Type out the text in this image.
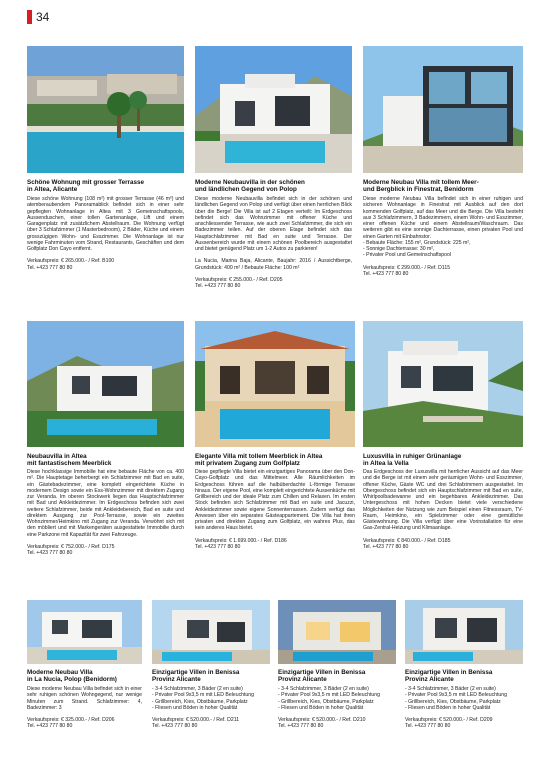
34
Schöne Wohnung mit grosser Terrasse
in Altea, Alicante
Diese schöne Wohnung (108 m²) mit grosser Terrasse (46 m²) und atemberaubendem Panoramablick befindet sich in einer sehr gepflegten Wohnanlage in Altea mit 3 Gemeinschaftspools, Aussenduschen, einer tollen Gartenanlage, Lift und einem Garagenplatz mit zusätzlichem Abstellraum. Die Wohnung verfügt über 3 Schlafzimmer (1 Masterbedroom), 2 Bäder, Küche und einem grosszügigen Wohn- und Esszimmer. Die Wohnanlage ist nur wenige Fahrminuten vom Strand, Restaurants, Geschäften und dem Golfplatz Don Cayo entfernt.
Verkaufspreis: € 265.000.- / Ref. B100
Tel. +423 777 80 80
Moderne Neubauvilla in der schönen
und ländlichen Gegend von Polop
Diese moderne Neubauvilla befindet sich in der schönen und ländlichen Gegend von Polop und verfügt über einen herrlichen Blick über die Berge! Die Villa ist auf 2 Etagen verteilt: Im Erdgeschoss befindet sich das Wohnzimmer mit offener Küche und anschliessender Terrasse, wie auch zwei Schlafzimmer, die sich ein Badezimmer teilen. Auf der oberen Etage befindet sich das Hauptschlafzimmer mit Bad en suite und Terrasse. Der Aussenbereich wurde mit einem schönen Poolbereich ausgestattet und bietet genügend Platz um 1-2 Autos zu parkieren!
La Nucia, Marina Baja, Alicante, Baujahr: 2016 / Aussichtberge, Grundstück: 400 m² / Bebaute Fläche: 100 m²
Verkaufspreis: € 255.000.- / Ref. D205
Tel. +423 777 80 80
Moderne Neubau Villa mit tollem Meer-
und Bergblick in Finestrat, Benidorm
Diese moderne Neubau Villa befindet sich in einer ruhigen und sicheren Wohnanlage in Finestrat mit Ausblick auf den dort kommenden Golfplatz, auf das Meer und die Berge. Die Villa besteht aus 3 Schlafzimmern, 3 Badezimmern, einem Wohn- und Esszimmer, einer offenen Küche und einem Abstellraum/Waschraum. Das weiteren gibt es eine sonnige Dachterrasse, einen privaten Pool und einen Garten mit Einbahnstor.
- Bebaute Fläche: 155 m², Grundstück: 225 m²,
- Sonnige Dachterrasse: 30 m²,
- Privater Pool und Gemeinschaftspool
Verkaufspreis: € 299.000.- / Ref. D115
Tel. +423 777 80 80
Neubauvilla in Altea
mit fantastischem Meerblick
Diese hochklassige Immobilie hat eine bebaute Fläche von ca. 400 m². Die Hauptetage beherbergt ein Schlafzimmer mit Bad en suite, ein Gästebadezimmer, eine komplett eingerichtete Küche in modernem Design sowie ein Ess-Wohnzimmer mit direktem Zugang zur Veranda. Im oberen Stockwerk liegen das Hauptschlafzimmer mit Bad und Ankleidezimmer. Im Erdgeschoss befinden sich zwei weitere Schlafzimmer, beide mit Ankleidebereich, Bad en suite und direktem Ausgang zur Pool-Terrasse, sowie ein zweites Wohnzimmer/Heimkino mit Zugang zur Veranda. Verwöhnt sich mit den möbliert und mit Markengeräten ausgestattete Immobilie durch eine Parkzone mit Kapazität für zwei Fahrzeuge.
Verkaufspreis: € 752.000.- / Ref. D175
Tel. +423 777 80 80
Elegante Villa mit tollem Meerblick in Altea
mit privatem Zugang zum Golfplatz
Diese gepflegte Villa bietet ein einzigartiges Panorama über den Don-Cayo-Golfplatz und das Mittelmeer. Alle Räumlichkeiten im Erdgeschoss führen auf die halbüberdachte L-förmige Terrasse hinaus. Der eigene Pool, eine komplett eingerichtete Aussenküche mit Grillbereich und der ideale Platz zum Chillen und Relaxen. Im ersten Stock befinden sich Schlafzimmer mit Bad en suite und Jacuzzi, Ankleidezimmer sowie eigene Sonnenterrassen. Zudem verfügt das Anwesen über ein separates Gästeappartement. Die Villa hat ihren privaten und direkten Zugang zum Golfplatz, ein wahres Plus, das kein anderes Haus bietet.
Verkaufspreis: € 1.699.000.- / Ref. D186
Tel. +423 777 80 80
Luxusvilla in ruhiger Grünanlage
in Altea la Vella
Das Erdgeschoss der Luxusvilla mit herrlicher Aussicht auf das Meer und die Berge ist mit einem sehr geräumigen Wohn- und Esszimmer, offener Küche, Gäste WC und drei Schlafzimmern ausgestattet. Im Obergeschoss befindet sich ein Hauptschlafzimmer mit Bad en suite, Whirlpoolbadewanne und ein begehbares Ankleidezimmer. Das Untergeschoss mit hohen Decken bietet viele verschiedene Möglichkeiten der Nutzung wie zum Beispiel einen Fitnessraum, TV-Raum, Heimkino, ein Spielzimmer oder eine gemütliche Gästewohnung. Die Villa verfügt über eine Vorinstallation für eine Gas-Zentral-Heizung und Klimaanlage.
Verkaufspreis: € 840.000.- / Ref. D185
Tel. +423 777 80 80
Moderne Neubau Villa
in La Nucia, Polop (Benidorm)
Diese moderne Neubau Villa befindet sich in einer sehr ruhigen schönen Wohngegend, nur wenige Minuten zum Strand. Schlafzimmer: 4, Badezimmer: 3
Verkaufspreis: € 325.000.- / Ref. D206
Tel. +423 777 80 80
Einzigartige Villen in Benissa
Provinz Alicante
- 3-4 Schlafzimmer, 3 Bäder (2 en suite)
- Privater Pool 9x3,5 m mit LED Beleuchtung
- Grillbereich, Kies, Obstbäume, Parkplatz
- Fliesen und Böden in hoher Qualität
Verkaufspreis: € 520.000.- / Ref. D211
Tel. +423 777 80 80
Einzigartige Villen in Benissa
Provinz Alicante
- 3-4 Schlafzimmer, 3 Bäder (2 en suite)
- Privater Pool 9x3,5 m mit LED Beleuchtung
- Grillbereich, Kies, Obstbäume, Parkplatz
- Fliesen und Böden in hoher Qualität
Verkaufspreis: € 520.000.- / Ref. D210
Tel. +423 777 80 80
Einzigartige Villen in Benissa
Provinz Alicante
- 3-4 Schlafzimmer, 3 Bäder (2 en suite)
- Privater Pool 9x3,5 m mit LED Beleuchtung
- Grillbereich, Kies, Obstbäume, Parkplatz
- Fliesen und Böden in hoher Qualität
Verkaufspreis: € 520.000.- / Ref. D209
Tel. +423 777 80 80
